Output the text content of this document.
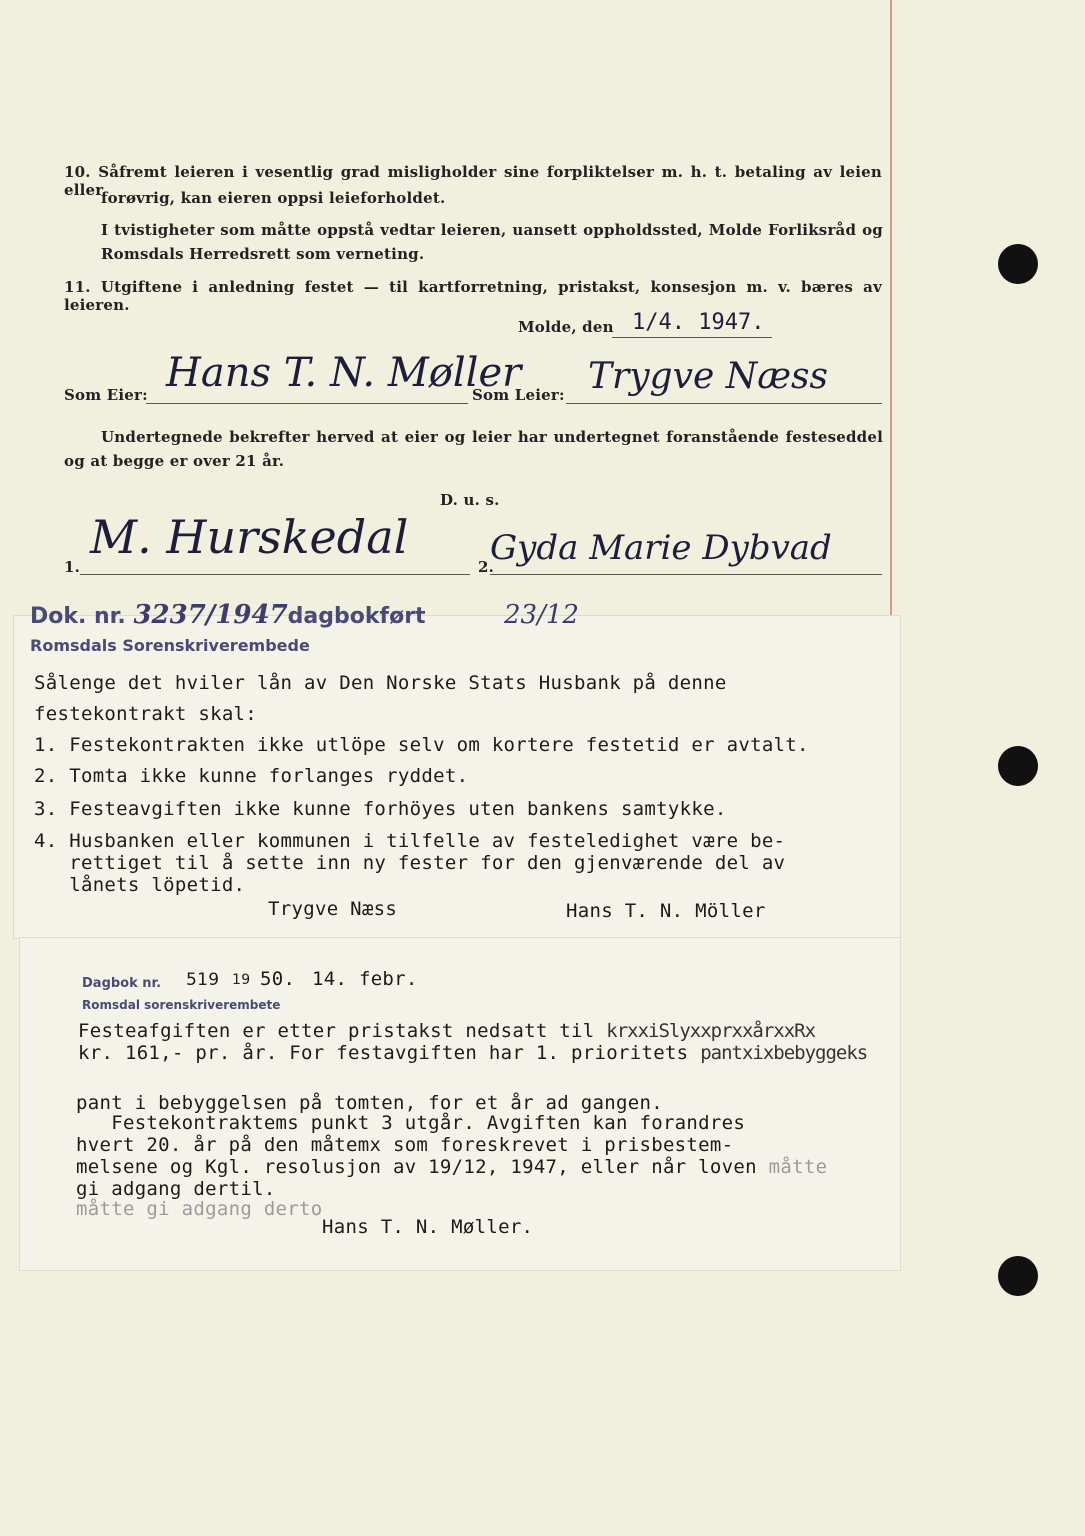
10. Såfremt leieren i vesentlig grad misligholder sine forpliktelser m. h. t. betaling av leien eller
forøvrig, kan eieren oppsi leieforholdet.
I tvistigheter som måtte oppstå vedtar leieren, uansett oppholdssted, Molde Forliksråd og
Romsdals Herredsrett som verneting.
11. Utgiftene i anledning festet — til kartforretning, pristakst, konsesjon m. v. bæres av leieren.
Molde, den 1/4. 1947.
Som Eier: Hans T. N. Møller
Som Leier: Trygve Næss
Undertegnede bekrefter herved at eier og leier har undertegnet foranstående festeseddel
og at begge er over 21 år.
D. u. s.
1.
M. Hurskedal
2.
Gyda Marie Dybvad
Dok. nr. 3237/1947dagbokført	23/12
Romsdals Sorenskriverembede
Sålenge det hviler lån av Den Norske Stats Husbank på denne
festekontrakt skal:
1. Festekontrakten ikke utlöpe selv om kortere festetid er avtalt.
2. Tomta ikke kunne forlanges ryddet.
3. Festeavgiften ikke kunne forhöyes uten bankens samtykke.
4. Husbanken eller kommunen i tilfelle av festeledighet være be-
rettiget til å sette inn ny fester for den gjenværende del av
lånets löpetid.
Trygve Næss	Hans T. N. Möller
Dagbok nr. 519 19 50. 14. febr.
Romsdal sorenskriverembete
Festeafgiften er etter pristakst nedsatt til krxxiSlyxxprxxårxxRx
kr. 161,- pr. år. For festavgiften har 1. prioritets pantxixbebyggeks
pant i bebyggelsen på tomten, for et år ad gangen.
Festekontraktems punkt 3 utgår. Avgiften kan forandres
hvert 20. år på den måtemx som foreskrevet i prisbestem-
melsene og Kgl. resolusjon av 19/12, 1947, eller når loven måtte
gi adgang dertil.
måtte gi adgang derto
Hans T. N. Møller.
